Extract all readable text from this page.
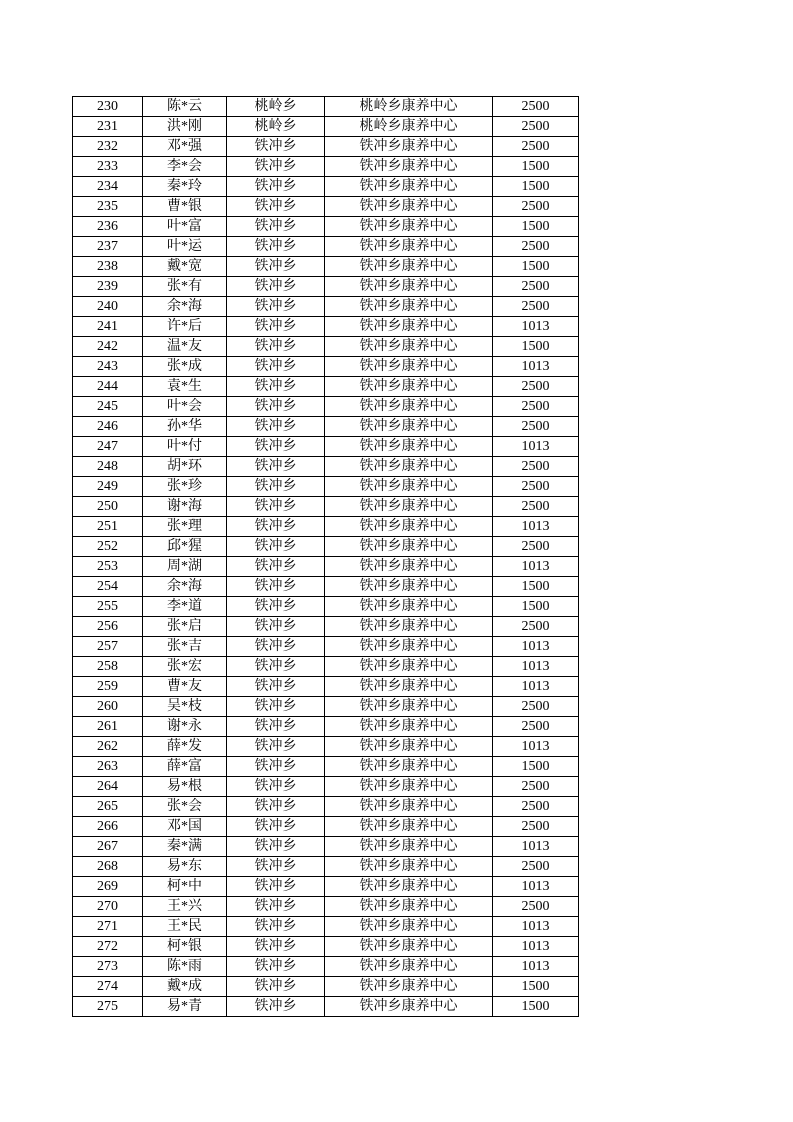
230	陈*云	桃岭乡	桃岭乡康养中心	2500
231	洪*刚	桃岭乡	桃岭乡康养中心	2500
232	邓*强	铁冲乡	铁冲乡康养中心	2500
233	李*会	铁冲乡	铁冲乡康养中心	1500
234	秦*玲	铁冲乡	铁冲乡康养中心	1500
235	曹*银	铁冲乡	铁冲乡康养中心	2500
236	叶*富	铁冲乡	铁冲乡康养中心	1500
237	叶*运	铁冲乡	铁冲乡康养中心	2500
238	戴*宽	铁冲乡	铁冲乡康养中心	1500
239	张*有	铁冲乡	铁冲乡康养中心	2500
240	余*海	铁冲乡	铁冲乡康养中心	2500
241	许*后	铁冲乡	铁冲乡康养中心	1013
242	温*友	铁冲乡	铁冲乡康养中心	1500
243	张*成	铁冲乡	铁冲乡康养中心	1013
244	袁*生	铁冲乡	铁冲乡康养中心	2500
245	叶*会	铁冲乡	铁冲乡康养中心	2500
246	孙*华	铁冲乡	铁冲乡康养中心	2500
247	叶*付	铁冲乡	铁冲乡康养中心	1013
248	胡*环	铁冲乡	铁冲乡康养中心	2500
249	张*珍	铁冲乡	铁冲乡康养中心	2500
250	谢*海	铁冲乡	铁冲乡康养中心	2500
251	张*理	铁冲乡	铁冲乡康养中心	1013
252	邱*猩	铁冲乡	铁冲乡康养中心	2500
253	周*湖	铁冲乡	铁冲乡康养中心	1013
254	余*海	铁冲乡	铁冲乡康养中心	1500
255	李*道	铁冲乡	铁冲乡康养中心	1500
256	张*启	铁冲乡	铁冲乡康养中心	2500
257	张*吉	铁冲乡	铁冲乡康养中心	1013
258	张*宏	铁冲乡	铁冲乡康养中心	1013
259	曹*友	铁冲乡	铁冲乡康养中心	1013
260	吴*枝	铁冲乡	铁冲乡康养中心	2500
261	谢*永	铁冲乡	铁冲乡康养中心	2500
262	薛*发	铁冲乡	铁冲乡康养中心	1013
263	薛*富	铁冲乡	铁冲乡康养中心	1500
264	易*根	铁冲乡	铁冲乡康养中心	2500
265	张*会	铁冲乡	铁冲乡康养中心	2500
266	邓*国	铁冲乡	铁冲乡康养中心	2500
267	秦*满	铁冲乡	铁冲乡康养中心	1013
268	易*东	铁冲乡	铁冲乡康养中心	2500
269	柯*中	铁冲乡	铁冲乡康养中心	1013
270	王*兴	铁冲乡	铁冲乡康养中心	2500
271	王*民	铁冲乡	铁冲乡康养中心	1013
272	柯*银	铁冲乡	铁冲乡康养中心	1013
273	陈*雨	铁冲乡	铁冲乡康养中心	1013
274	戴*成	铁冲乡	铁冲乡康养中心	1500
275	易*青	铁冲乡	铁冲乡康养中心	1500
